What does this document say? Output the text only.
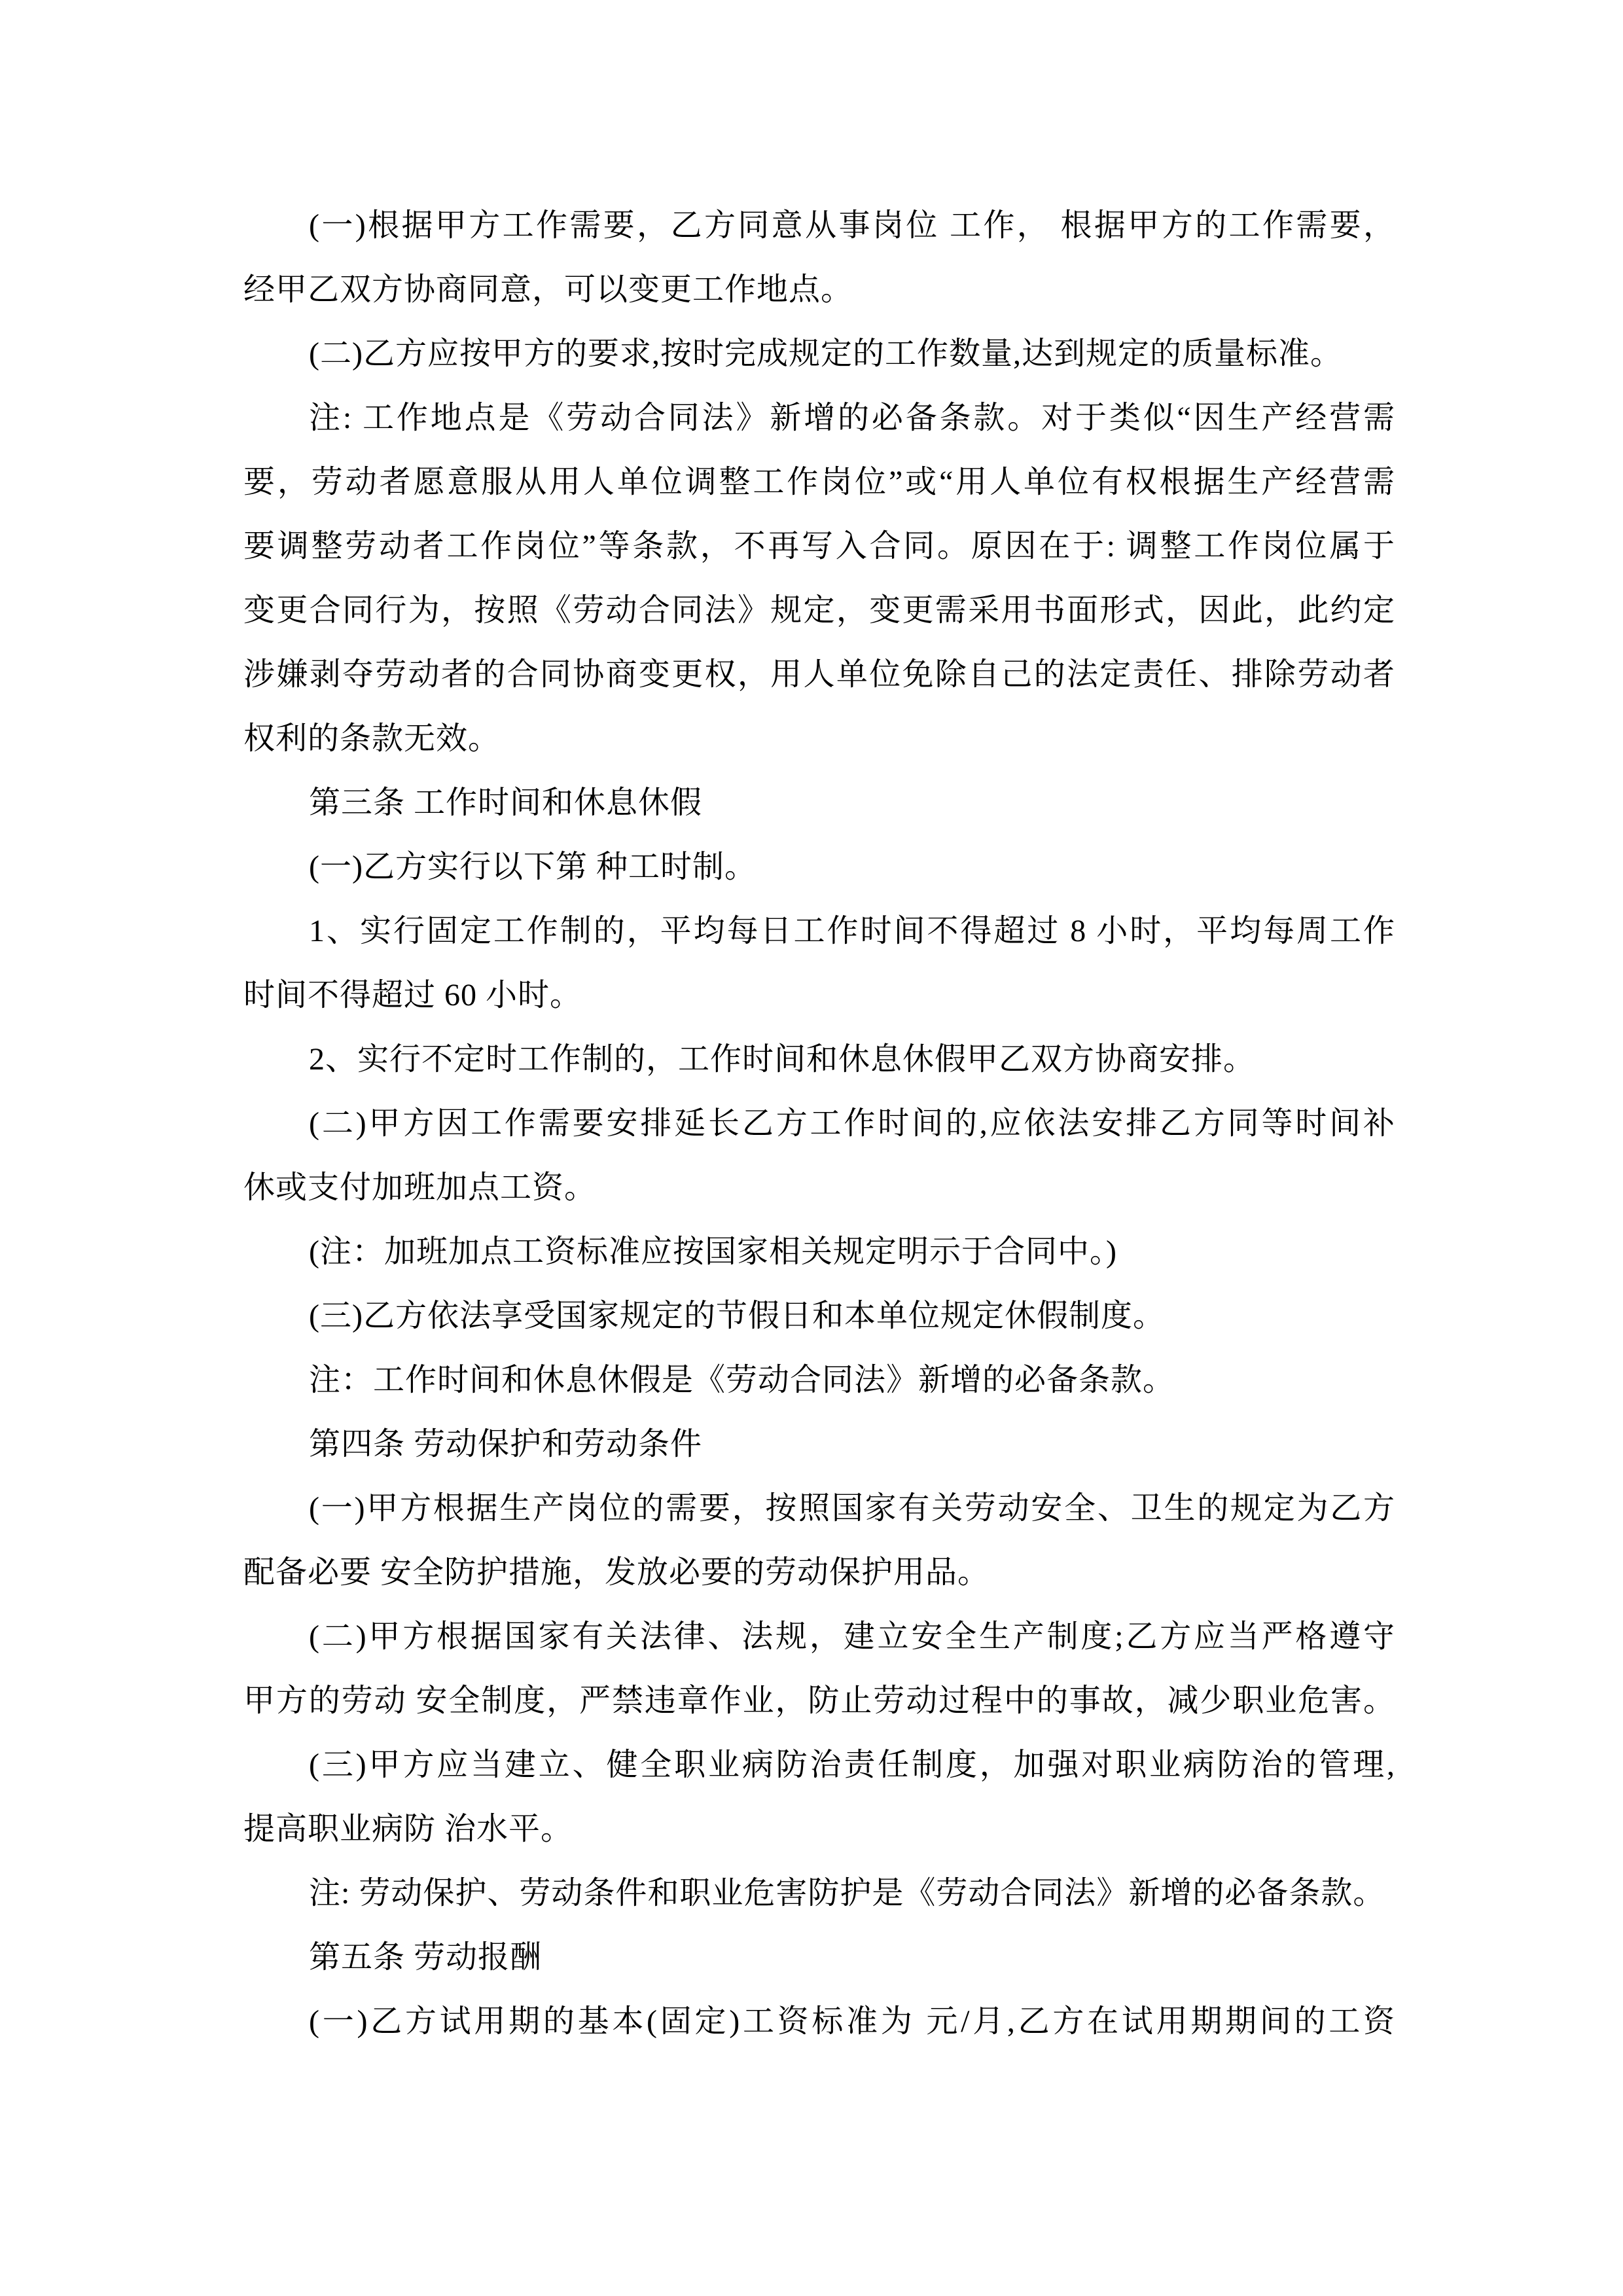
(一)根据甲方工作需要，乙方同意从事岗位 工作， 根据甲方的工作需要，
经甲乙双方协商同意，可以变更工作地点。
(二)乙方应按甲方的要求,按时完成规定的工作数量,达到规定的质量标准。
注: 工作地点是《劳动合同法》新增的必备条款。对于类似“因生产经营需
要，劳动者愿意服从用人单位调整工作岗位”或“用人单位有权根据生产经营需
要调整劳动者工作岗位”等条款，不再写入合同。原因在于: 调整工作岗位属于
变更合同行为，按照《劳动合同法》规定，变更需采用书面形式，因此，此约定
涉嫌剥夺劳动者的合同协商变更权，用人单位免除自己的法定责任、排除劳动者
权利的条款无效。
第三条 工作时间和休息休假
(一)乙方实行以下第 种工时制。
1、实行固定工作制的，平均每日工作时间不得超过 8 小时，平均每周工作
时间不得超过 60 小时。
2、实行不定时工作制的，工作时间和休息休假甲乙双方协商安排。
(二)甲方因工作需要安排延长乙方工作时间的,应依法安排乙方同等时间补
休或支付加班加点工资。
(注：加班加点工资标准应按国家相关规定明示于合同中。)
(三)乙方依法享受国家规定的节假日和本单位规定休假制度。
注：工作时间和休息休假是《劳动合同法》新增的必备条款。
第四条 劳动保护和劳动条件
(一)甲方根据生产岗位的需要，按照国家有关劳动安全、卫生的规定为乙方
配备必要 安全防护措施，发放必要的劳动保护用品。
(二)甲方根据国家有关法律、法规，建立安全生产制度;乙方应当严格遵守
甲方的劳动 安全制度，严禁违章作业，防止劳动过程中的事故，减少职业危害。
(三)甲方应当建立、健全职业病防治责任制度，加强对职业病防治的管理,
提高职业病防 治水平。
注: 劳动保护、劳动条件和职业危害防护是《劳动合同法》新增的必备条款。
第五条 劳动报酬
(一)乙方试用期的基本(固定)工资标准为 元/月,乙方在试用期期间的工资
